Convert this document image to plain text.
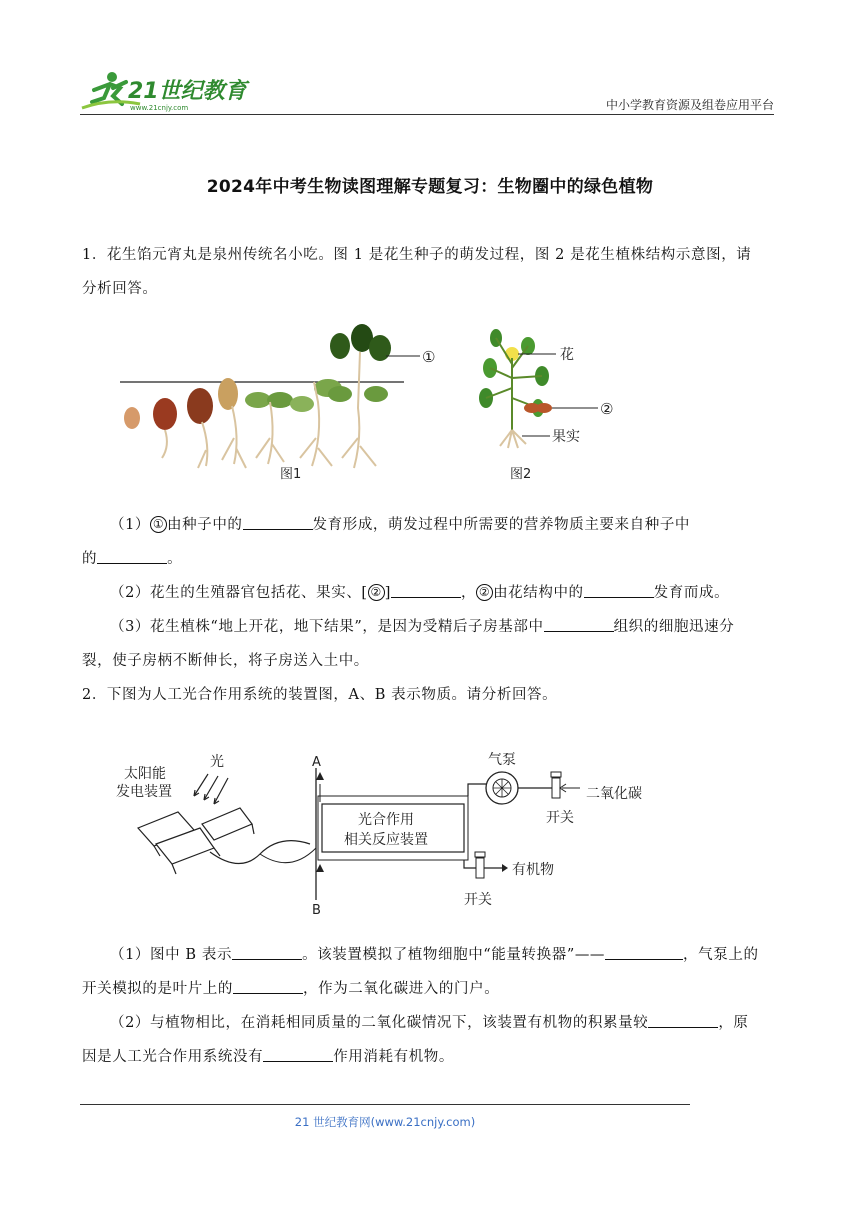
21世纪教育
www.21cnjy.com	中小学教育资源及组卷应用平台
2024年中考生物读图理解专题复习：生物圈中的绿色植物
1．花生馅元宵丸是泉州传统名小吃。图 1 是花生种子的萌发过程，图 2 是花生植株结构示意图，请
分析回答。
①
图1
花
②
果实
图2
（1） ① 由种子中的	发育形成，萌发过程中所需要的营养物质主要来自种子中
的	。
（2）花生的生殖器官包括花、果实、[ ② ]	， ② 由花结构中的	发育而成。
（3）花生植株“地上开花，地下结果”，是因为受精后子房基部中	组织的细胞迅速分
裂，使子房柄不断伸长，将子房送入土中。
2．下图为人工光合作用系统的装置图，A、B 表示物质。请分析回答。
太阳能
发电装置
光	A
B
光合作用
相关反应装置
气泵
开关
二氧化碳
有机物
开关
（1）图中 B 表示	。该装置模拟了植物细胞中“能量转换器”——	，气泵上的
开关模拟的是叶片上的	，作为二氧化碳进入的门户。
（2）与植物相比，在消耗相同质量的二氧化碳情况下，该装置有机物的积累量较	，原
因是人工光合作用系统没有	作用消耗有机物。
21 世纪教育网(www.21cnjy.com)
